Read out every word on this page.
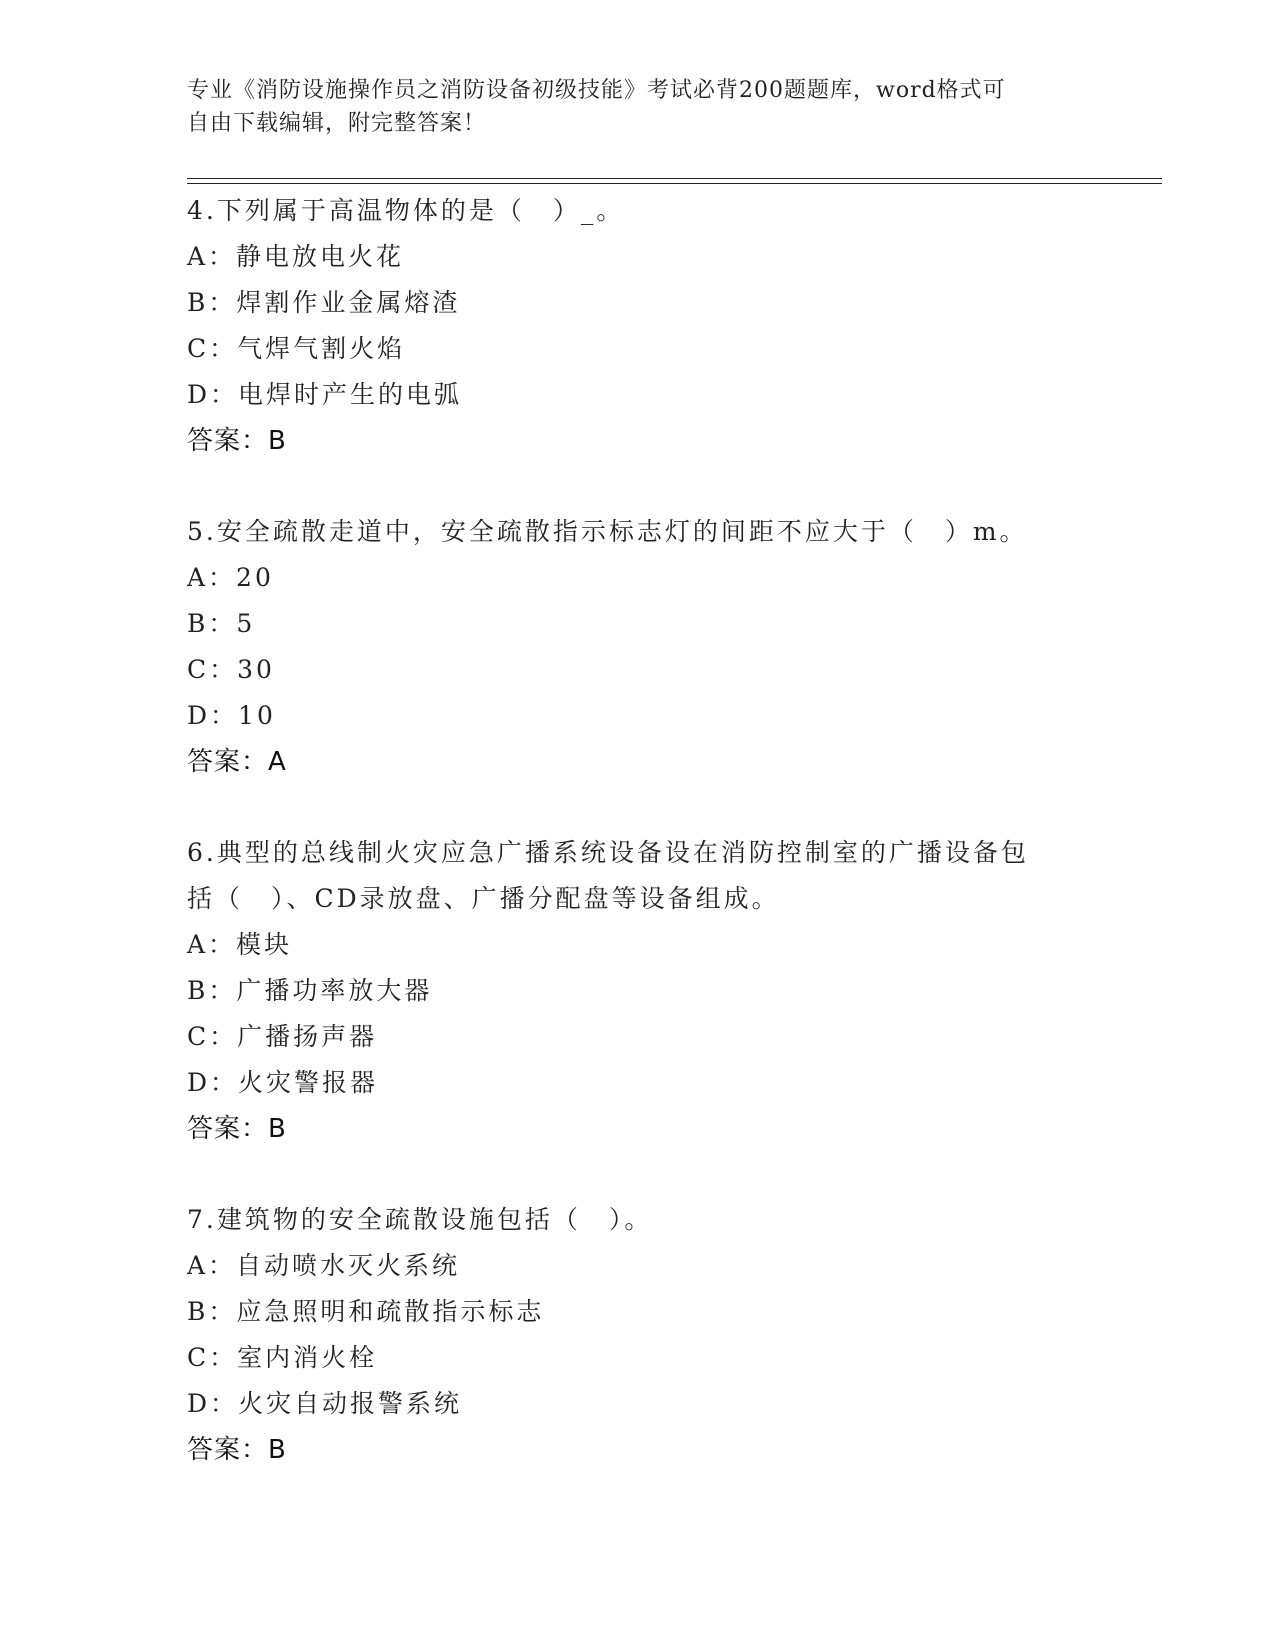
专业《消防设施操作员之消防设备初级技能》考试必背200题题库，word格式可
自由下载编辑，附完整答案！
4.下列属于高温物体的是（　）_。
A：静电放电火花
B：焊割作业金属熔渣
C：气焊气割火焰
D：电焊时产生的电弧
答案：B
5.安全疏散走道中，安全疏散指示标志灯的间距不应大于（　）m。
A：20
B：5
C：30
D：10
答案：A
6.典型的总线制火灾应急广播系统设备设在消防控制室的广播设备包
括（　）、CD录放盘、广播分配盘等设备组成。
A：模块
B：广播功率放大器
C：广播扬声器
D：火灾警报器
答案：B
7.建筑物的安全疏散设施包括（　）。
A：自动喷水灭火系统
B：应急照明和疏散指示标志
C：室内消火栓
D：火灾自动报警系统
答案：B
